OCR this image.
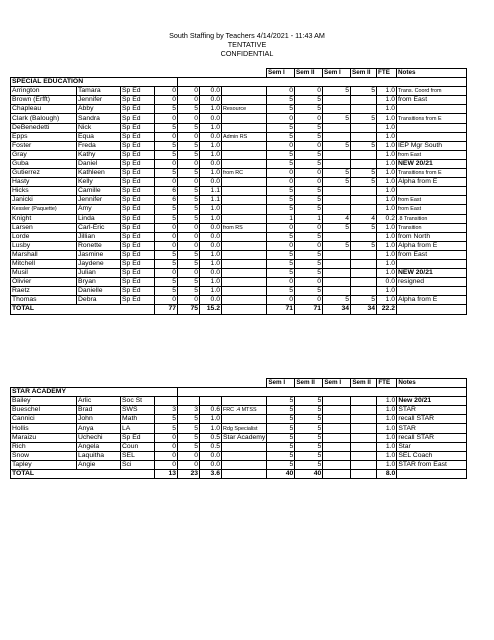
South Staffing by Teachers 4/14/2021 - 11:43 AM
TENTATIVE
CONFIDENTIAL
							Sem I	Sem II	Sem I	Sem II	FTE	Notes
SPECIAL EDUCATION												
Arrington	Tamara	Sp Ed	0	0	0.0		0	0	5	5	1.0	Trans. Coord from
Brown (Erfft)	Jennifer	Sp Ed	0	0	0.0		5	5			1.0	from East
Chapleau	Abby	Sp Ed	5	5	1.0	Resource	5	5			1.0	
Clark (Balough)	Sandra	Sp Ed	0	0	0.0		0	0	5	5	1.0	Transitions from E
DeBenedetti	Nick	Sp Ed	5	5	1.0		5	5			1.0	
Epps	Equa	Sp Ed	0	0	0.0	Admin RS	5	5			1.0	
Foster	Freda	Sp Ed	5	5	1.0		0	0	5	5	1.0	IEP Mgr South
Gray	Kathy	Sp Ed	5	5	1.0		5	5			1.0	from East
Guba	Daniel	Sp Ed	0	0	0.0		5	5			1.0	NEW 20/21
Gutierrez	Kathleen	Sp Ed	5	5	1.0	from RC	0	0	5	5	1.0	Transitions from E
Hasty	Kelly	Sp Ed	0	0	0.0		0	0	5	5	1.0	Alpha from E
Hicks	Camille	Sp Ed	6	5	1.1		5	5			1.0	
Janicki	Jennifer	Sp Ed	6	5	1.1		5	5			1.0	from East
Kessler (Paquette)	Amy	Sp Ed	5	5	1.0		5	5			1.0	from East
Knight	Linda	Sp Ed	5	5	1.0		1	1	4	4	0.2	.8 Transition
Larsen	Carl-Eric	Sp Ed	0	0	0.0	from RS	0	0	5	5	1.0	Transition
Lorde	Jillian	Sp Ed	0	0	0.0		5	5			1.0	from North
Lusby	Ronette	Sp Ed	0	0	0.0		0	0	5	5	1.0	Alpha from E
Marshall	Jasmine	Sp Ed	5	5	1.0		5	5			1.0	from East
Mitchell	Jaydene	Sp Ed	5	5	1.0		5	5			1.0	
Musil	Julian	Sp Ed	0	0	0.0		5	5			1.0	NEW 20/21
Olivier	Bryan	Sp Ed	5	5	1.0		0	0			0.0	resigned
Raetz	Danielle	Sp Ed	5	5	1.0		5	5			1.0	
Thomas	Debra	Sp Ed	0	0	0.0		0	0	5	5	1.0	Alpha from E
TOTAL			77	75	15.2		71	71	34	34	22.2	
							Sem I	Sem II	Sem I	Sem II	FTE	Notes
STAR ACADEMY												
Bailey	Arlic	Soc St					5	5			1.0	New 20/21
Bueschel	Brad	SWS	3	3	0.6	FRC .4 MTSS	5	5			1.0	STAR
Cannici	John	Math	5	5	1.0		5	5			1.0	recall STAR
Hollis	Anya	LA	5	5	1.0	Rdg Specialist	5	5			1.0	STAR
Maraizu	Uchechi	Sp Ed	0	5	0.5	Star Academy	5	5			1.0	recall STAR
Rich	Angela	Coun	0	5	0.5		5	5			1.0	Star
Snow	Laquitha	SEL	0	0	0.0		5	5			1.0	SEL Coach
Tapley	Angie	Sci	0	0	0.0		5	5			1.0	STAR from East
TOTAL			13	23	3.6		40	40			8.0	
